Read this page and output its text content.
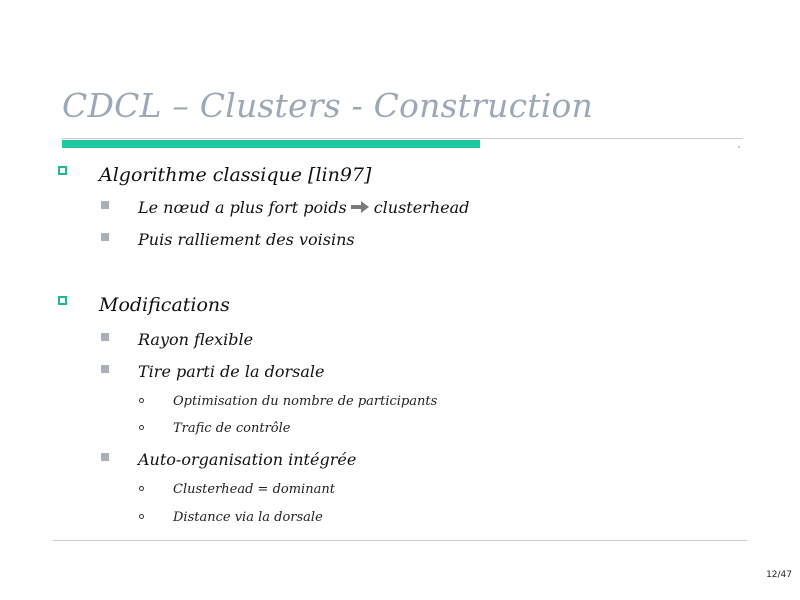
CDCL – Clusters - Construction
Algorithme classique [lin97]
Le nœud a plus fort poids clusterhead
Puis ralliement des voisins
Modifications
Rayon flexible
Tire parti de la dorsale
Optimisation du nombre de participants
Trafic de contrôle
Auto-organisation intégrée
Clusterhead = dominant
Distance via la dorsale
12/47
